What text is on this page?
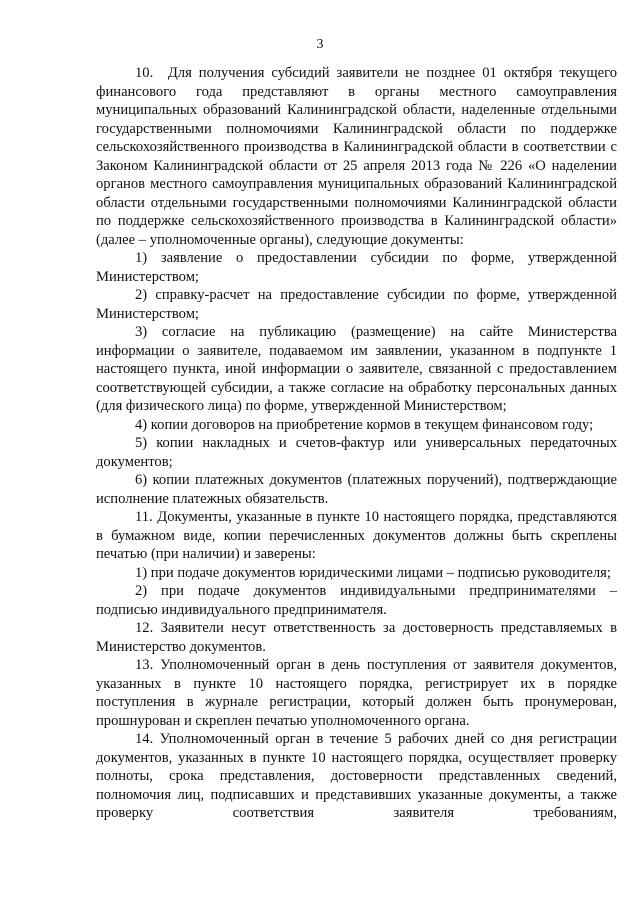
3

10. Для получения субсидий заявители не позднее 01 октября текущего финансового года представляют в органы местного самоуправления муниципальных образований Калининградской области, наделенные отдельными государственными полномочиями Калининградской области по поддержке сельскохозяйственного производства в Калининградской области в соответствии с Законом Калининградской области от 25 апреля 2013 года № 226 «О наделении органов местного самоуправления муниципальных образований Калининградской области отдельными государственными полномочиями Калининградской области по поддержке сельскохозяйственного производства в Калининградской области» (далее – уполномоченные органы), следующие документы:

1) заявление о предоставлении субсидии по форме, утвержденной Министерством;

2) справку-расчет на предоставление субсидии по форме, утвержденной Министерством;

3) согласие на публикацию (размещение) на сайте Министерства информации о заявителе, подаваемом им заявлении, указанном в подпункте 1 настоящего пункта, иной информации о заявителе, связанной с предоставлением соответствующей субсидии, а также согласие на обработку персональных данных (для физического лица) по форме, утвержденной Министерством;

4) копии договоров на приобретение кормов в текущем финансовом году;

5) копии накладных и счетов-фактур или универсальных передаточных документов;

6) копии платежных документов (платежных поручений), подтверждающие исполнение платежных обязательств.

11. Документы, указанные в пункте 10 настоящего порядка, представляются в бумажном виде, копии перечисленных документов должны быть скреплены печатью (при наличии) и заверены:

1) при подаче документов юридическими лицами – подписью руководителя;

2) при подаче документов индивидуальными предпринимателями – подписью индивидуального предпринимателя.

12. Заявители несут ответственность за достоверность представляемых в Министерство документов.

13. Уполномоченный орган в день поступления от заявителя документов, указанных в пункте 10 настоящего порядка, регистрирует их в порядке поступления в журнале регистрации, который должен быть пронумерован, прошнурован и скреплен печатью уполномоченного органа.

14. Уполномоченный орган в течение 5 рабочих дней со дня регистрации документов, указанных в пункте 10 настоящего порядка, осуществляет проверку полноты, срока представления, достоверности представленных сведений, полномочия лиц, подписавших и представивших указанные документы, а также проверку соответствия заявителя требованиям,
